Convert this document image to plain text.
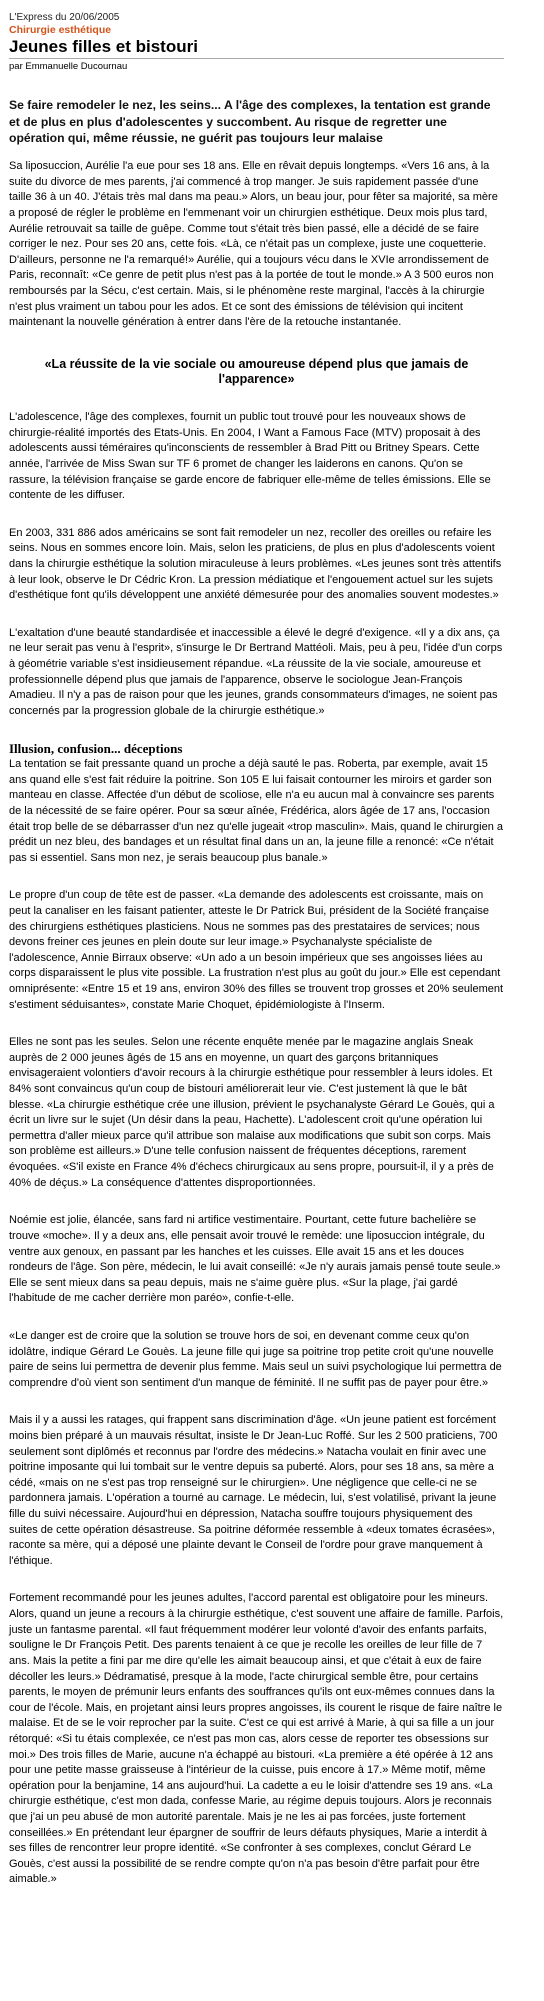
L'Express du 20/06/2005
Chirurgie esthétique
Jeunes filles et bistouri
par Emmanuelle Ducournau
Se faire remodeler le nez, les seins... A l'âge des complexes, la tentation est grande et de plus en plus d'adolescentes y succombent. Au risque de regretter une opération qui, même réussie, ne guérit pas toujours leur malaise

Sa liposuccion, Aurélie l'a eue pour ses 18 ans. Elle en rêvait depuis longtemps. «Vers 16 ans, à la suite du divorce de mes parents, j'ai commencé à trop manger. Je suis rapidement passée d'une taille 36 à un 40. J'étais très mal dans ma peau.» Alors, un beau jour, pour fêter sa majorité, sa mère a proposé de régler le problème en l'emmenant voir un chirurgien esthétique. Deux mois plus tard, Aurélie retrouvait sa taille de guêpe. Comme tout s'était très bien passé, elle a décidé de se faire corriger le nez. Pour ses 20 ans, cette fois. «Là, ce n'était pas un complexe, juste une coquetterie. D'ailleurs, personne ne l'a remarqué!» Aurélie, qui a toujours vécu dans le XVIe arrondissement de Paris, reconnaît: «Ce genre de petit plus n'est pas à la portée de tout le monde.» A 3 500 euros non remboursés par la Sécu, c'est certain. Mais, si le phénomène reste marginal, l'accès à la chirurgie n'est plus vraiment un tabou pour les ados. Et ce sont des émissions de télévision qui incitent maintenant la nouvelle génération à entrer dans l'ère de la retouche instantanée.

«La réussite de la vie sociale ou amoureuse dépend plus que jamais de l'apparence»

L'adolescence, l'âge des complexes, fournit un public tout trouvé pour les nouveaux shows de chirurgie-réalité importés des Etats-Unis. En 2004, I Want a Famous Face (MTV) proposait à des adolescents aussi téméraires qu'inconscients de ressembler à Brad Pitt ou Britney Spears. Cette année, l'arrivée de Miss Swan sur TF 6 promet de changer les laiderons en canons. Qu'on se rassure, la télévision française se garde encore de fabriquer elle-même de telles émissions. Elle se contente de les diffuser.

En 2003, 331 886 ados américains se sont fait remodeler un nez, recoller des oreilles ou refaire les seins. Nous en sommes encore loin. Mais, selon les praticiens, de plus en plus d'adolescents voient dans la chirurgie esthétique la solution miraculeuse à leurs problèmes. «Les jeunes sont très attentifs à leur look, observe le Dr Cédric Kron. La pression médiatique et l'engouement actuel sur les sujets d'esthétique font qu'ils développent une anxiété démesurée pour des anomalies souvent modestes.»

L'exaltation d'une beauté standardisée et inaccessible a élevé le degré d'exigence. «Il y a dix ans, ça ne leur serait pas venu à l'esprit», s'insurge le Dr Bertrand Mattéoli. Mais, peu à peu, l'idée d'un corps à géométrie variable s'est insidieusement répandue. «La réussite de la vie sociale, amoureuse et professionnelle dépend plus que jamais de l'apparence, observe le sociologue Jean-François Amadieu. Il n'y a pas de raison pour que les jeunes, grands consommateurs d'images, ne soient pas concernés par la progression globale de la chirurgie esthétique.»

Illusion, confusion... déceptions

La tentation se fait pressante quand un proche a déjà sauté le pas. Roberta, par exemple, avait 15 ans quand elle s'est fait réduire la poitrine. Son 105 E lui faisait contourner les miroirs et garder son manteau en classe. Affectée d'un début de scoliose, elle n'a eu aucun mal à convaincre ses parents de la nécessité de se faire opérer. Pour sa sœur aînée, Frédérica, alors âgée de 17 ans, l'occasion était trop belle de se débarrasser d'un nez qu'elle jugeait «trop masculin». Mais, quand le chirurgien a prédit un nez bleu, des bandages et un résultat final dans un an, la jeune fille a renoncé: «Ce n'était pas si essentiel. Sans mon nez, je serais beaucoup plus banale.»

Le propre d'un coup de tête est de passer. «La demande des adolescents est croissante, mais on peut la canaliser en les faisant patienter, atteste le Dr Patrick Bui, président de la Société française des chirurgiens esthétiques plasticiens. Nous ne sommes pas des prestataires de services; nous devons freiner ces jeunes en plein doute sur leur image.» Psychanalyste spécialiste de l'adolescence, Annie Birraux observe: «Un ado a un besoin impérieux que ses angoisses liées au corps disparaissent le plus vite possible. La frustration n'est plus au goût du jour.» Elle est cependant omniprésente: «Entre 15 et 19 ans, environ 30% des filles se trouvent trop grosses et 20% seulement s'estiment séduisantes», constate Marie Choquet, épidémiologiste à l'Inserm.

Elles ne sont pas les seules. Selon une récente enquête menée par le magazine anglais Sneak auprès de 2 000 jeunes âgés de 15 ans en moyenne, un quart des garçons britanniques envisageraient volontiers d'avoir recours à la chirurgie esthétique pour ressembler à leurs idoles. Et 84% sont convaincus qu'un coup de bistouri améliorerait leur vie. C'est justement là que le bât blesse. «La chirurgie esthétique crée une illusion, prévient le psychanalyste Gérard Le Gouès, qui a écrit un livre sur le sujet (Un désir dans la peau, Hachette). L'adolescent croit qu'une opération lui permettra d'aller mieux parce qu'il attribue son malaise aux modifications que subit son corps. Mais son problème est ailleurs.» D'une telle confusion naissent de fréquentes déceptions, rarement évoquées. «S'il existe en France 4% d'échecs chirurgicaux au sens propre, poursuit-il, il y a près de 40% de déçus.» La conséquence d'attentes disproportionnées.

Noémie est jolie, élancée, sans fard ni artifice vestimentaire. Pourtant, cette future bachelière se trouve «moche». Il y a deux ans, elle pensait avoir trouvé le remède: une liposuccion intégrale, du ventre aux genoux, en passant par les hanches et les cuisses. Elle avait 15 ans et les douces rondeurs de l'âge. Son père, médecin, le lui avait conseillé: «Je n'y aurais jamais pensé toute seule.» Elle se sent mieux dans sa peau depuis, mais ne s'aime guère plus. «Sur la plage, j'ai gardé l'habitude de me cacher derrière mon paréo», confie-t-elle.

«Le danger est de croire que la solution se trouve hors de soi, en devenant comme ceux qu'on idolâtre, indique Gérard Le Gouès. La jeune fille qui juge sa poitrine trop petite croit qu'une nouvelle paire de seins lui permettra de devenir plus femme. Mais seul un suivi psychologique lui permettra de comprendre d'où vient son sentiment d'un manque de féminité. Il ne suffit pas de payer pour être.»

Mais il y a aussi les ratages, qui frappent sans discrimination d'âge. «Un jeune patient est forcément moins bien préparé à un mauvais résultat, insiste le Dr Jean-Luc Roffé. Sur les 2 500 praticiens, 700 seulement sont diplômés et reconnus par l'ordre des médecins.» Natacha voulait en finir avec une poitrine imposante qui lui tombait sur le ventre depuis sa puberté. Alors, pour ses 18 ans, sa mère a cédé, «mais on ne s'est pas trop renseigné sur le chirurgien». Une négligence que celle-ci ne se pardonnera jamais. L'opération a tourné au carnage. Le médecin, lui, s'est volatilisé, privant la jeune fille du suivi nécessaire. Aujourd'hui en dépression, Natacha souffre toujours physiquement des suites de cette opération désastreuse. Sa poitrine déformée ressemble à «deux tomates écrasées», raconte sa mère, qui a déposé une plainte devant le Conseil de l'ordre pour grave manquement à l'éthique.

Fortement recommandé pour les jeunes adultes, l'accord parental est obligatoire pour les mineurs. Alors, quand un jeune a recours à la chirurgie esthétique, c'est souvent une affaire de famille. Parfois, juste un fantasme parental. «Il faut fréquemment modérer leur volonté d'avoir des enfants parfaits, souligne le Dr François Petit. Des parents tenaient à ce que je recolle les oreilles de leur fille de 7 ans. Mais la petite a fini par me dire qu'elle les aimait beaucoup ainsi, et que c'était à eux de faire décoller les leurs.» Dédramatisé, presque à la mode, l'acte chirurgical semble être, pour certains parents, le moyen de prémunir leurs enfants des souffrances qu'ils ont eux-mêmes connues dans la cour de l'école. Mais, en projetant ainsi leurs propres angoisses, ils courent le risque de faire naître le malaise. Et de se le voir reprocher par la suite. C'est ce qui est arrivé à Marie, à qui sa fille a un jour rétorqué: «Si tu étais complexée, ce n'est pas mon cas, alors cesse de reporter tes obsessions sur moi.» Des trois filles de Marie, aucune n'a échappé au bistouri. «La première a été opérée à 12 ans pour une petite masse graisseuse à l'intérieur de la cuisse, puis encore à 17.» Même motif, même opération pour la benjamine, 14 ans aujourd'hui. La cadette a eu le loisir d'attendre ses 19 ans. «La chirurgie esthétique, c'est mon dada, confesse Marie, au régime depuis toujours. Alors je reconnais que j'ai un peu abusé de mon autorité parentale. Mais je ne les ai pas forcées, juste fortement conseillées.» En prétendant leur épargner de souffrir de leurs défauts physiques, Marie a interdit à ses filles de rencontrer leur propre identité. «Se confronter à ses complexes, conclut Gérard Le Gouès, c'est aussi la possibilité de se rendre compte qu'on n'a pas besoin d'être parfait pour être aimable.»
